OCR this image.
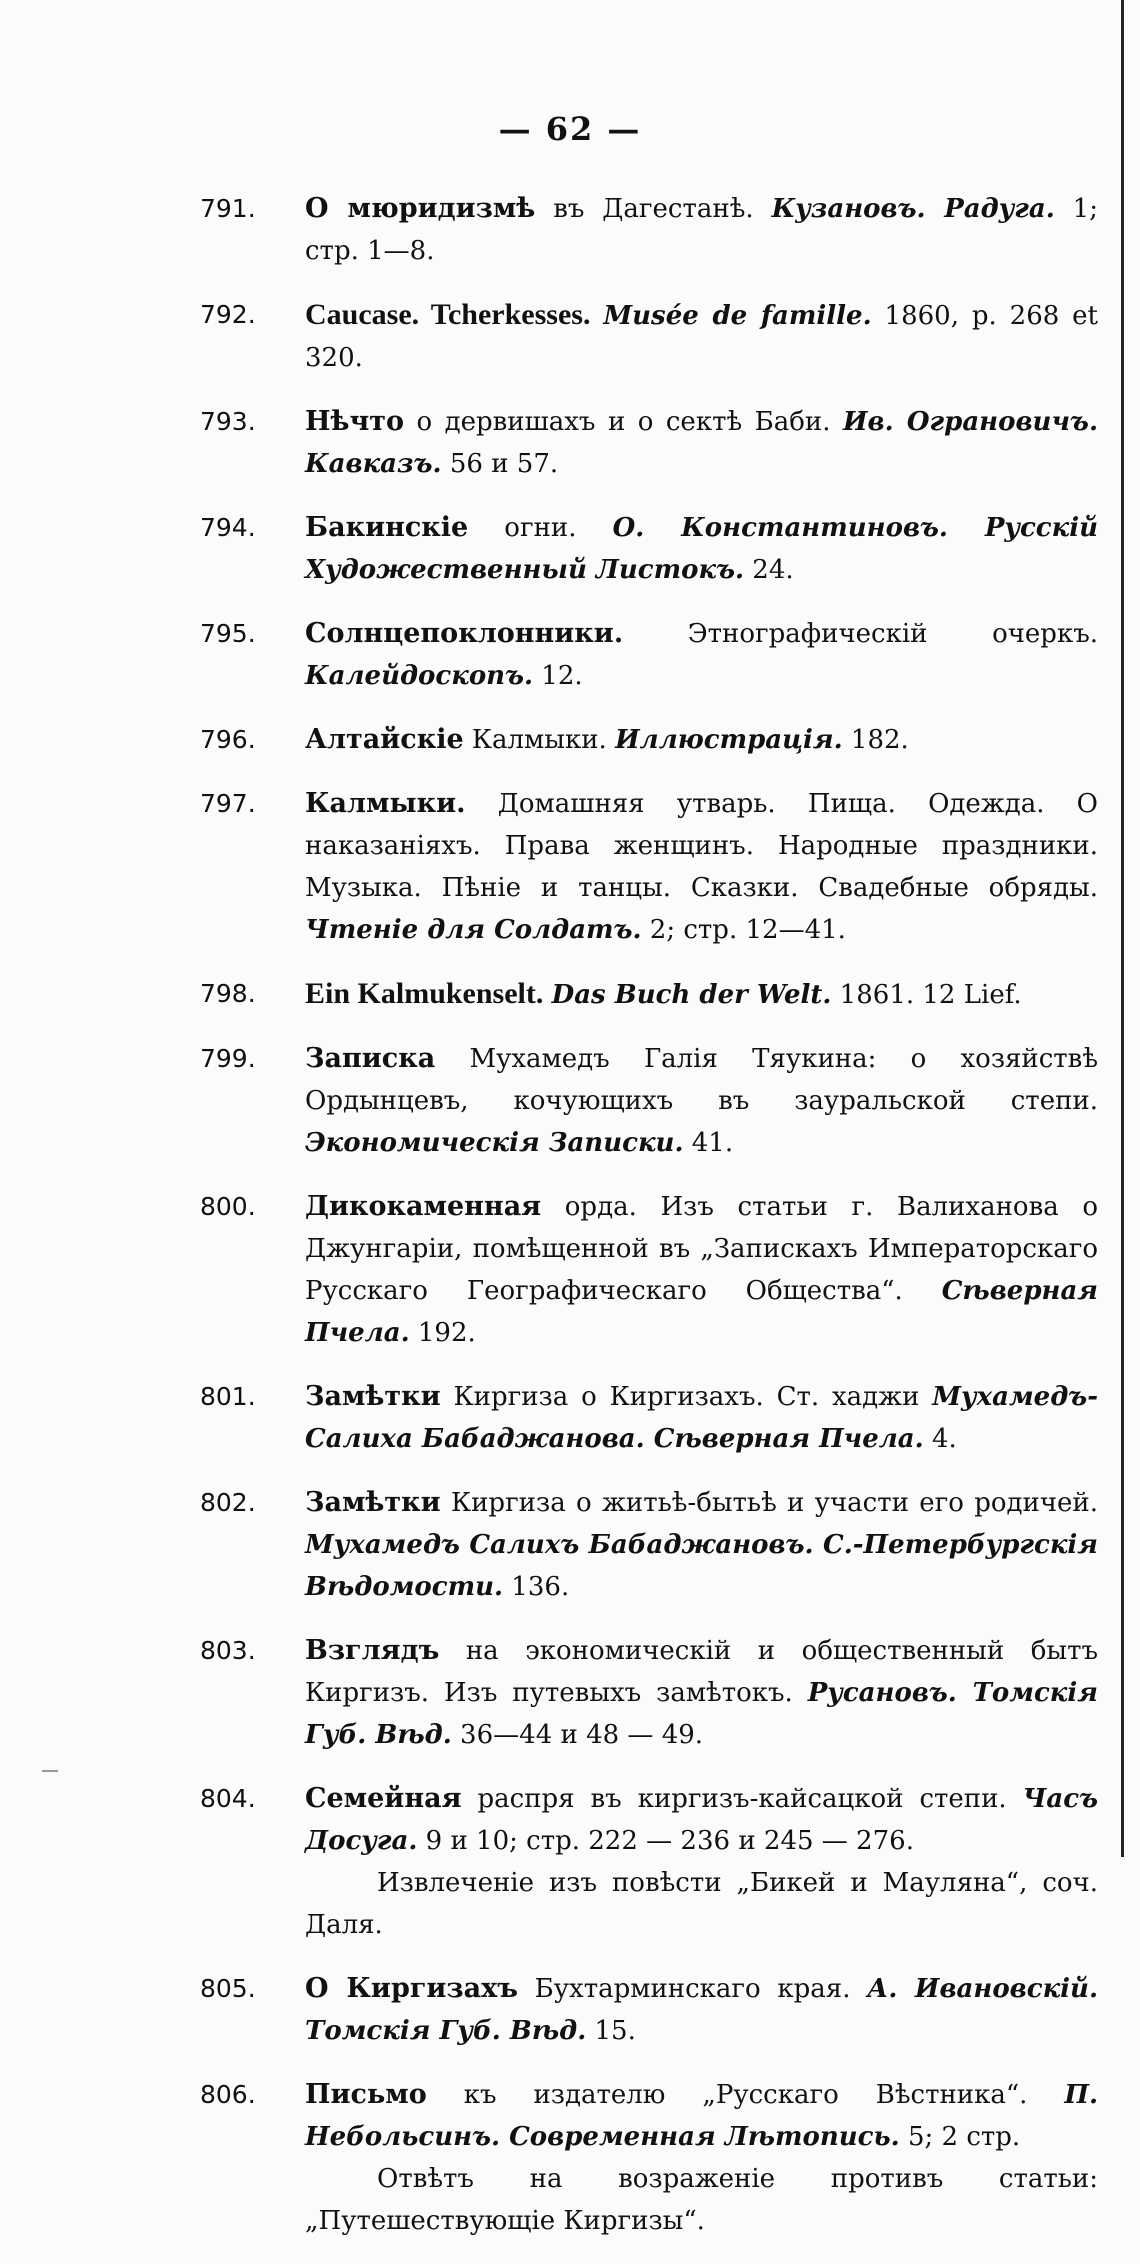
— 62 —
791.	О мюридизмѣ въ Дагестанѣ. Кузановъ. Радуга. 1; стр. 1—8.
792.	Caucase. Tcherkesses. Musée de famille. 1860, p. 268 et 320.
793.	Нѣчто о дервишахъ и о сектѣ Баби. Ив. Ограновичъ. Кавказъ. 56 и 57.
794.	Бакинскіе огни. О. Константиновъ. Русскій Художественный Листокъ. 24.
795.	Солнцепоклонники. Этнографическій очеркъ. Калейдоскопъ. 12.
796.	Алтайскіе Калмыки. Иллюстрація. 182.
797.	Калмыки. Домашняя утварь. Пища. Одежда. О наказаніяхъ. Права женщинъ. Народные праздники. Музыка. Пѣніе и танцы. Сказки. Свадебные обряды. Чтеніе для Солдатъ. 2; стр. 12—41.
798.	Ein Kalmukenselt. Das Buch der Welt. 1861. 12 Lief.
799.	Записка Мухамедъ Галія Тяукина: о хозяйствѣ Ордынцевъ, кочующихъ въ зауральской степи. Экономическія Записки. 41.
800.	Дикокаменная орда. Изъ статьи г. Валиханова о Джунгаріи, помѣщенной въ „Запискахъ Императорскаго Русскаго Географическаго Общества“. Сѣверная Пчела. 192.
801.	Замѣтки Киргиза о Киргизахъ. Ст. хаджи Мухамедъ-Салиха Бабаджанова. Сѣверная Пчела. 4.
802.	Замѣтки Киргиза о житьѣ-бытьѣ и участи его родичей. Мухамедъ Салихъ Бабаджановъ. С.-Петербургскія Вѣдомости. 136.
803.	Взглядъ на экономическій и общественный бытъ Киргизъ. Изъ путевыхъ замѣтокъ. Русановъ. Томскія Губ. Вѣд. 36—44 и 48 — 49.
804.	Семейная распря въ киргизъ-кайсацкой степи. Часъ Досуга. 9 и 10; стр. 222 — 236 и 245 — 276.
Извлеченіе изъ повѣсти „Бикей и Мауляна“, соч. Даля.
805.	О Киргизахъ Бухтарминскаго края. А. Ивановскій. Томскія Губ. Вѣд. 15.
806.	Письмо къ издателю „Русскаго Вѣстника“. П. Небольсинъ. Современная Лѣтопись. 5; 2 стр.
Отвѣтъ на возраженіе противъ статьи: „Путешествующіе Киргизы“.
